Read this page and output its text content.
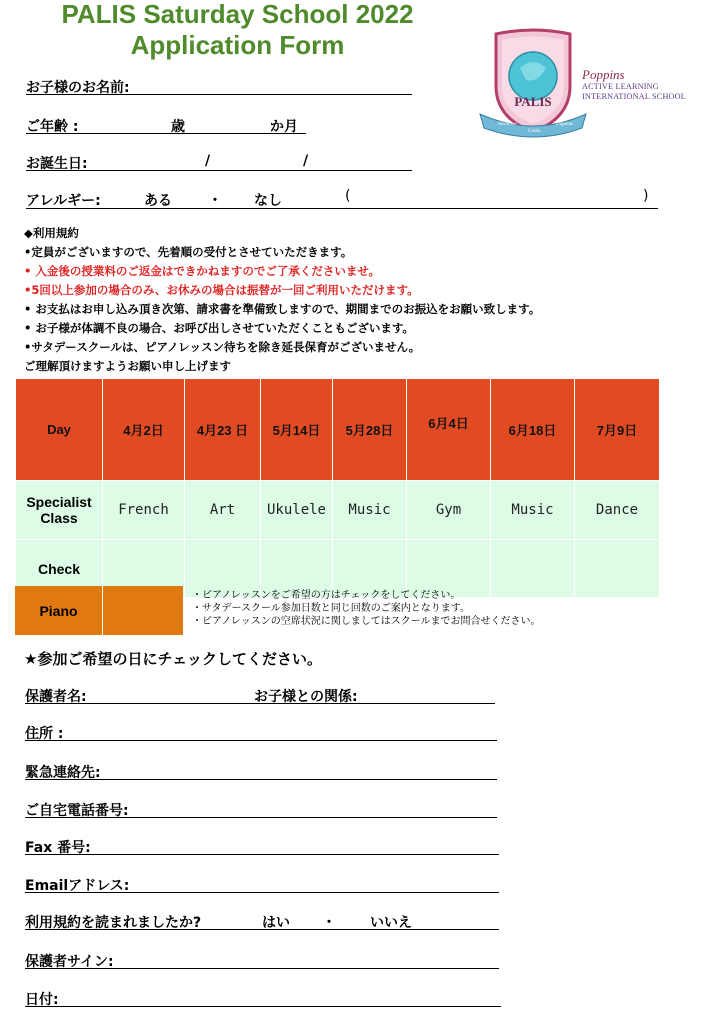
PALIS Saturday School 2022
Application Form
PALIS
Sincerius
Gratia
Dignitas
Poppins
ACTIVE LEARNING
INTERNATIONAL SCHOOL
お子様のお名前:
ご年齢 :	歳	か月
お誕生日:	/	/
アレルギー:	ある	・ なし	(	)
◆利用規約
•定員がございますので、先着順の受付とさせていただきます。
• 入金後の授業料のご返金はできかねますのでご了承くださいませ。
•5回以上参加の場合のみ、お休みの場合は振替が一回ご利用いただけます。
• お支払はお申し込み頂き次第、請求書を準備致しますので、期間までのお振込をお願い致します。
• お子様が体調不良の場合、お呼び出しさせていただくこともございます。
•サタデースクールは、ピアノレッスン待ちを除き延長保育がございません。
ご理解頂けますようお願い申し上げます
Day	4月2日	4月23 日	5月14日	5月28日	6月4日	6月18日	7月9日
Specialist
Class	French	Art	Ukulele	Music	Gym	Music	Dance
Check							
Piano
・ピアノレッスンをご希望の方はチェックをしてください。
・サタデースクール参加日数と同じ回数のご案内となります。
・ピアノレッスンの空席状況に関しましてはスクールまでお問合せください。
★参加ご希望の日にチェックしてください。
保護者名:	お子様との関係:
住所 :
緊急連絡先:
ご自宅電話番号:
Fax 番号:
Emailアドレス:
利用規約を読まれましたか?	はい ・ いいえ
保護者サイン:
日付:
